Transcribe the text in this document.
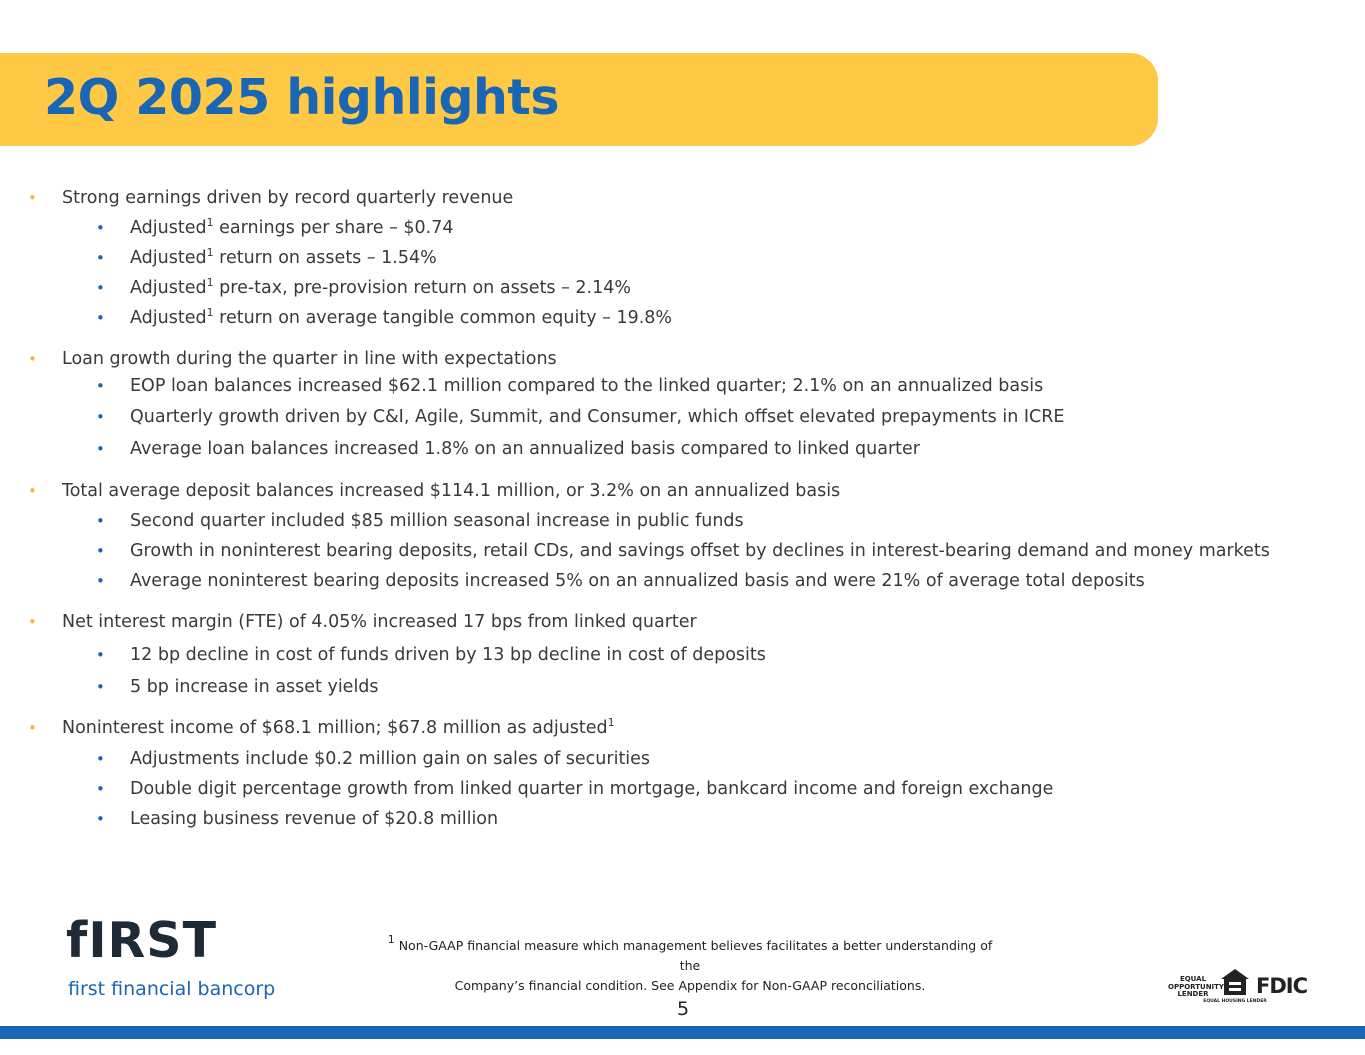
2Q 2025 highlights
• Strong earnings driven by record quarterly revenue
• Adjusted$^1$ earnings per share – $0.74
• Adjusted$^1$ return on assets – 1.54%
• Adjusted$^1$ pre-tax, pre-provision return on assets – 2.14%
• Adjusted$^1$ return on average tangible common equity – 19.8%
• Loan growth during the quarter in line with expectations
• EOP loan balances increased $62.1 million compared to the linked quarter; 2.1% on an annualized basis
• Quarterly growth driven by C&I, Agile, Summit, and Consumer, which offset elevated prepayments in ICRE
• Average loan balances increased 1.8% on an annualized basis compared to linked quarter
• Total average deposit balances increased $114.1 million, or 3.2% on an annualized basis
• Second quarter included $85 million seasonal increase in public funds
• Growth in noninterest bearing deposits, retail CDs, and savings offset by declines in interest-bearing demand and money markets
• Average noninterest bearing deposits increased 5% on an annualized basis and were 21% of average total deposits
• Net interest margin (FTE) of 4.05% increased 17 bps from linked quarter
• 12 bp decline in cost of funds driven by 13 bp decline in cost of deposits
• 5 bp increase in asset yields
• Noninterest income of $68.1 million; $67.8 million as adjusted$^1$
• Adjustments include $0.2 million gain on sales of securities
• Double digit percentage growth from linked quarter in mortgage, bankcard income and foreign exchange
• Leasing business revenue of $20.8 million
fIRST
first financial bancorp
$^1$ Non-GAAP financial measure which management believes facilitates a better understanding of the
Company’s financial condition. See Appendix for Non-GAAP reconciliations.
5
EQUAL OPPORTUNITY LENDER
EQUAL HOUSING LENDER
FDIC
